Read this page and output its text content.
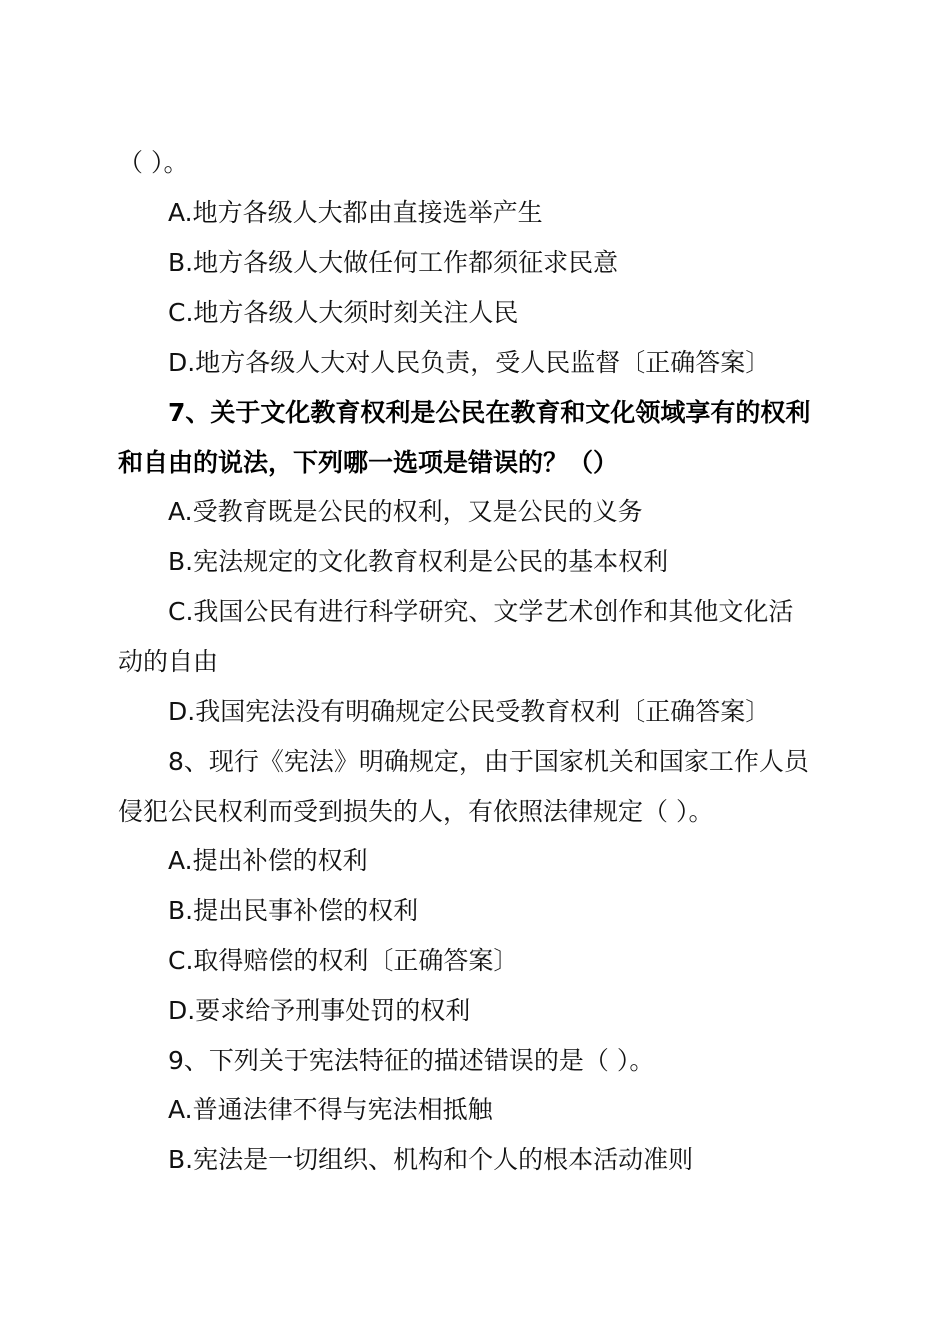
（ ）。
A.地方各级人大都由直接选举产生
B.地方各级人大做任何工作都须征求民意
C.地方各级人大须时刻关注人民
D.地方各级人大对人民负责，受人民监督〔正确答案〕
7、关于文化教育权利是公民在教育和文化领域享有的权利
和自由的说法，下列哪一选项是错误的？（）
A.受教育既是公民的权利，又是公民的义务
B.宪法规定的文化教育权利是公民的基本权利
C.我国公民有进行科学研究、文学艺术创作和其他文化活
动的自由
D.我国宪法没有明确规定公民受教育权利〔正确答案〕
8、现行《宪法》明确规定，由于国家机关和国家工作人员
侵犯公民权利而受到损失的人，有依照法律规定（ ）。
A.提出补偿的权利
B.提出民事补偿的权利
C.取得赔偿的权利〔正确答案〕
D.要求给予刑事处罚的权利
9、下列关于宪法特征的描述错误的是（ ）。
A.普通法律不得与宪法相抵触
B.宪法是一切组织、机构和个人的根本活动准则
